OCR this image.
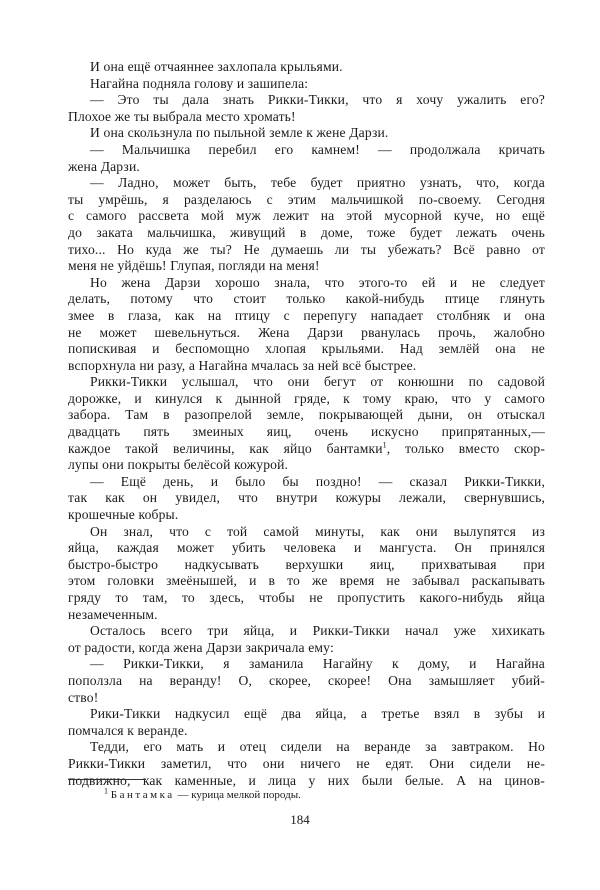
И она ещё отчаяннее захлопала крыльями.
Нагайна подняла голову и зашипела:
— Это ты дала знать Рикки-Тикки, что я хочу ужалить его?
Плохое же ты выбрала место хромать!
И она скользнула по пыльной земле к жене Дарзи.
— Мальчишка перебил его камнем! — продолжала кричать
жена Дарзи.
— Ладно, может быть, тебе будет приятно узнать, что, когда
ты умрёшь, я разделаюсь с этим мальчишкой по-своему. Сегодня
с самого рассвета мой муж лежит на этой мусорной куче, но ещё
до заката мальчишка, живущий в доме, тоже будет лежать очень
тихо... Но куда же ты? Не думаешь ли ты убежать? Всё равно от
меня не уйдёшь! Глупая, погляди на меня!
Но жена Дарзи хорошо знала, что этого-то ей и не следует
делать, потому что стоит только какой-нибудь птице глянуть
змее в глаза, как на птицу с перепугу нападает столбняк и она
не может шевельнуться. Жена Дарзи рванулась прочь, жалобно
попискивая и беспомощно хлопая крыльями. Над землёй она не
вспорхнула ни разу, а Нагайна мчалась за ней всё быстрее.
Рикки-Тикки услышал, что они бегут от конюшни по садовой
дорожке, и кинулся к дынной гряде, к тому краю, что у самого
забора. Там в разопрелой земле, покрывающей дыни, он отыскал
двадцать пять змеиных яиц, очень искусно припрятанных,—
каждое такой величины, как яйцо бантамки$^1$, только вместо скор-
лупы они покрыты белёсой кожурой.
— Ещё день, и было бы поздно! — сказал Рикки-Тикки,
так как он увидел, что внутри кожуры лежали, свернувшись,
крошечные кобры.
Он знал, что с той самой минуты, как они вылупятся из
яйца, каждая может убить человека и мангуста. Он принялся
быстро-быстро надкусывать верхушки яиц, прихватывая при
этом головки змеёнышей, и в то же время не забывал раскапывать
гряду то там, то здесь, чтобы не пропустить какого-нибудь яйца
незамеченным.
Осталось всего три яйца, и Рикки-Тикки начал уже хихикать
от радости, когда жена Дарзи закричала ему:
— Рикки-Тикки, я заманила Нагайну к дому, и Нагайна
поползла на веранду! О, скорее, скорее! Она замышляет убий-
ство!
Рики-Тикки надкусил ещё два яйца, а третье взял в зубы и
помчался к веранде.
Тедди, его мать и отец сидели на веранде за завтраком. Но
Рикки-Тикки заметил, что они ничего не едят. Они сидели не-
подвижно, как каменные, и лица у них были белые. А на цинов-
$^1$ Бантамка — курица мелкой породы.
184
